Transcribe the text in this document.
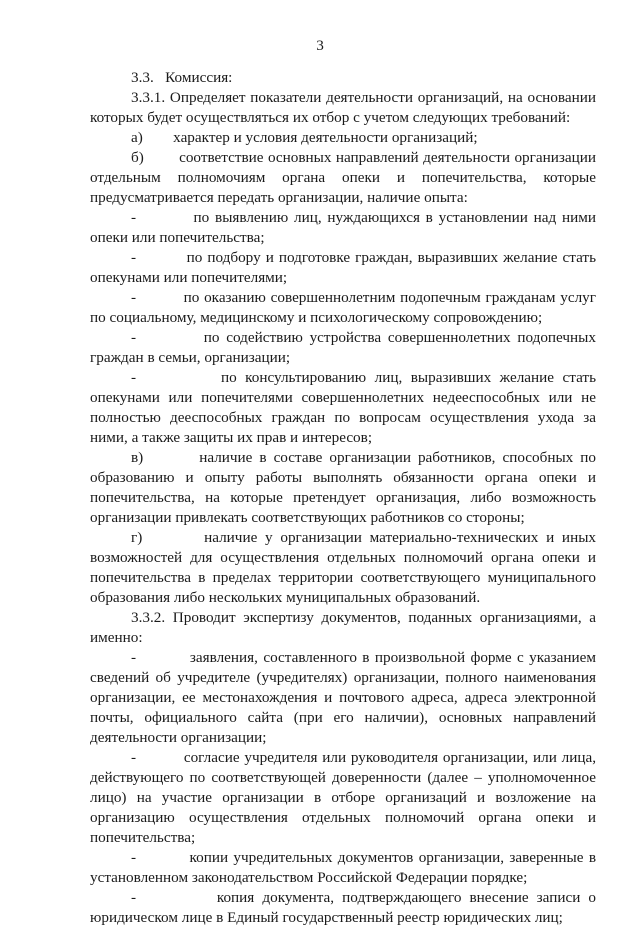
3

3.3.   Комиссия:

3.3.1. Определяет показатели деятельности организаций, на основании которых будет осуществляться их отбор с учетом следующих требований:

а)        характер и условия деятельности организаций;

б)        соответствие основных направлений деятельности организации отдельным полномочиям органа опеки и попечительства, которые предусматривается передать организации, наличие опыта:

-          по выявлению лиц, нуждающихся в установлении над ними опеки или попечительства;

-          по подбору и подготовке граждан, выразивших желание стать опекунами или попечителями;

-          по оказанию совершеннолетним подопечным гражданам услуг по социальному, медицинскому и психологическому сопровождению;

-          по содействию устройства совершеннолетних подопечных граждан в семьи, организации;

-          по консультированию лиц, выразивших желание стать опекунами или попечителями совершеннолетних недееспособных или не полностью дееспособных граждан по вопросам осуществления ухода за ними, а также защиты их прав и интересов;

в)        наличие в составе организации работников, способных по образованию и опыту работы выполнять обязанности органа опеки и попечительства, на которые претендует организация, либо возможность организации привлекать соответствующих работников со стороны;

г)        наличие у организации материально-технических и иных возможностей для осуществления отдельных полномочий органа опеки и попечительства в пределах территории соответствующего муниципального образования либо нескольких муниципальных образований.

3.3.2. Проводит экспертизу документов, поданных организациями, а именно:

-          заявления, составленного в произвольной форме с указанием сведений об учредителе (учредителях) организации, полного наименования организации, ее местонахождения и почтового адреса, адреса электронной почты, официального сайта (при его наличии), основных направлений деятельности организации;

-          согласие учредителя или руководителя организации, или лица, действующего по соответствующей доверенности (далее – уполномоченное лицо) на участие организации в отборе организаций и возложение на организацию осуществления отдельных полномочий органа опеки и попечительства;

-          копии учредительных документов организации, заверенные в установленном законодательством Российской Федерации порядке;

-          копия документа, подтверждающего внесение записи о юридическом лице в Единый государственный реестр юридических лиц;
